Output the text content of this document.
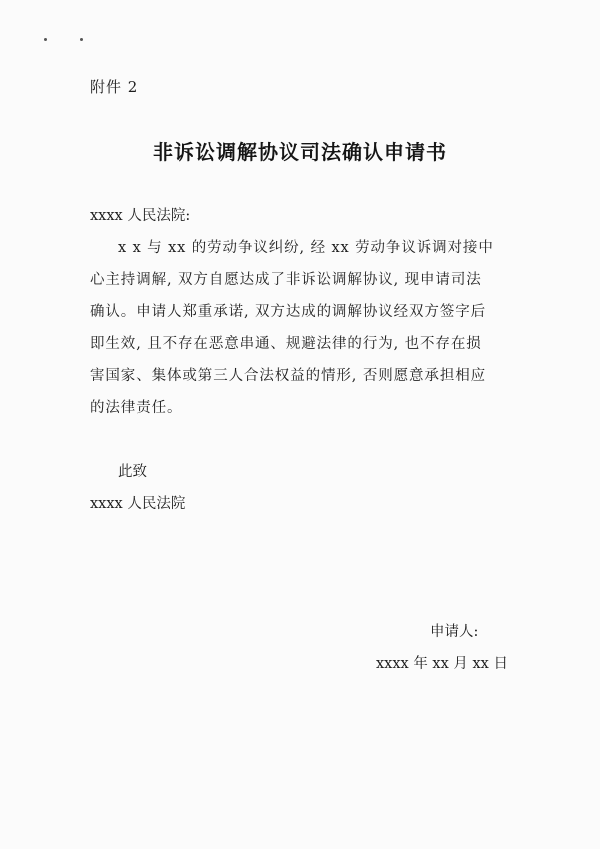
附件 2
非诉讼调解协议司法确认申请书
xxxx 人民法院:
x x 与 xx 的劳动争议纠纷, 经 xx 劳动争议诉调对接中
心主持调解, 双方自愿达成了非诉讼调解协议, 现申请司法
确认。申请人郑重承诺, 双方达成的调解协议经双方签字后
即生效, 且不存在恶意串通、规避法律的行为, 也不存在损
害国家、集体或第三人合法权益的情形, 否则愿意承担相应
的法律责任。
此致
xxxx 人民法院
申请人:
xxxx 年 xx 月 xx 日
